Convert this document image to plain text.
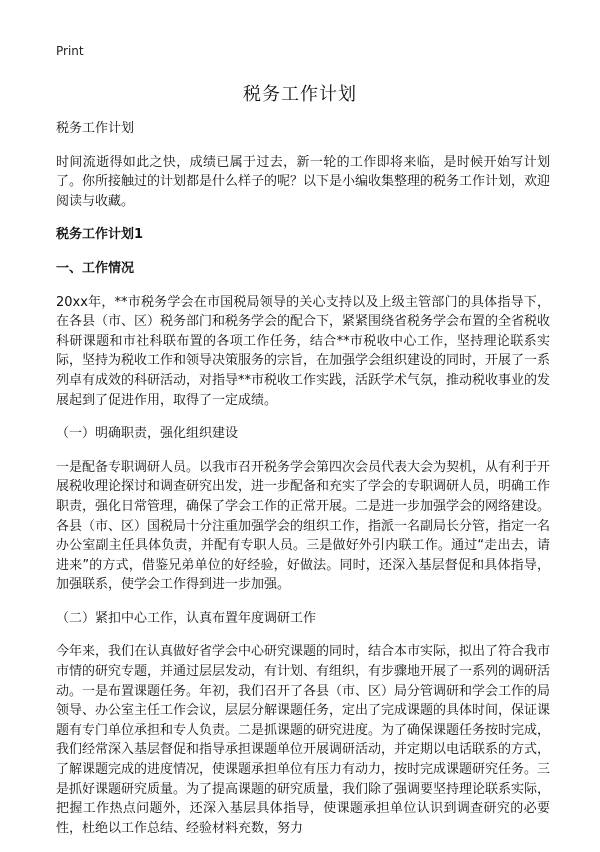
Print
税务工作计划

税务工作计划

时间流逝得如此之快，成绩已属于过去，新一轮的工作即将来临，是时候开始写计划了。你所接触过的计划都是什么样子的呢？以下是小编收集整理的税务工作计划，欢迎阅读与收藏。

税务工作计划1

一、工作情况

20xx年，**市税务学会在市国税局领导的关心支持以及上级主管部门的具体指导下，在各县（市、区）税务部门和税务学会的配合下，紧紧围绕省税务学会布置的全省税收科研课题和市社科联布置的各项工作任务，结合**市税收中心工作，坚持理论联系实际，坚持为税收工作和领导决策服务的宗旨，在加强学会组织建设的同时，开展了一系列卓有成效的科研活动，对指导**市税收工作实践，活跃学术气氛，推动税收事业的发展起到了促进作用，取得了一定成绩。

（一）明确职责，强化组织建设

一是配备专职调研人员。以我市召开税务学会第四次会员代表大会为契机，从有利于开展税收理论探讨和调查研究出发，进一步配备和充实了学会的专职调研人员，明确工作职责，强化日常管理，确保了学会工作的正常开展。二是进一步加强学会的网络建设。各县（市、区）国税局十分注重加强学会的组织工作，指派一名副局长分管，指定一名办公室副主任具体负责，并配有专职人员。三是做好外引内联工作。通过“走出去，请进来”的方式，借鉴兄弟单位的好经验，好做法。同时，还深入基层督促和具体指导，加强联系，使学会工作得到进一步加强。

（二）紧扣中心工作，认真布置年度调研工作

今年来，我们在认真做好省学会中心研究课题的同时，结合本市实际，拟出了符合我市市情的研究专题，并通过层层发动，有计划、有组织，有步骤地开展了一系列的调研活动。一是布置课题任务。年初，我们召开了各县（市、区）局分管调研和学会工作的局领导、办公室主任工作会议，层层分解课题任务，定出了完成课题的具体时间，保证课题有专门单位承担和专人负责。二是抓课题的研究进度。为了确保课题任务按时完成，我们经常深入基层督促和指导承担课题单位开展调研活动，并定期以电话联系的方式，了解课题完成的进度情况，使课题承担单位有压力有动力，按时完成课题研究任务。三是抓好课题研究质量。为了提高课题的研究质量，我们除了强调要坚持理论联系实际，把握工作热点问题外，还深入基层具体指导，使课题承担单位认识到调查研究的必要性，杜绝以工作总结、经验材料充数，努力
